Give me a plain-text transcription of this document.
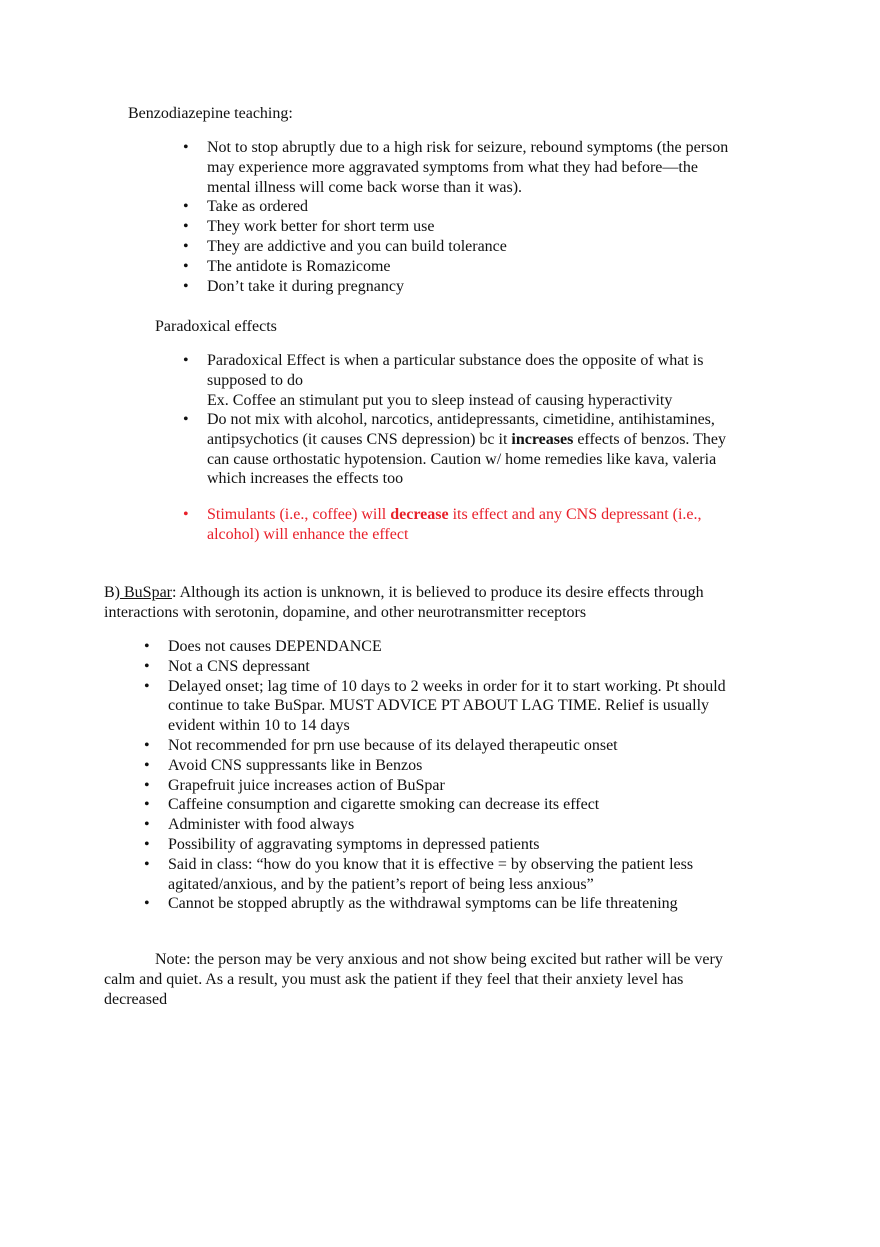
Benzodiazepine teaching:
• Not to stop abruptly due to a high risk for seizure, rebound symptoms (the person
may experience more aggravated symptoms from what they had before—the
mental illness will come back worse than it was).
• Take as ordered
• They work better for short term use
• They are addictive and you can build tolerance
• The antidote is Romazicome
• Don’t take it during pregnancy
Paradoxical effects
• Paradoxical Effect is when a particular substance does the opposite of what is
supposed to do
Ex. Coffee an stimulant put you to sleep instead of causing hyperactivity
• Do not mix with alcohol, narcotics, antidepressants, cimetidine, antihistamines,
antipsychotics (it causes CNS depression) bc it increases effects of benzos. They
can cause orthostatic hypotension. Caution w/ home remedies like kava, valeria
which increases the effects too
• Stimulants (i.e., coffee) will decrease its effect and any CNS depressant (i.e.,
alcohol) will enhance the effect
B) BuSpar: Although its action is unknown, it is believed to produce its desire effects through
interactions with serotonin, dopamine, and other neurotransmitter receptors
• Does not causes DEPENDANCE
• Not a CNS depressant
• Delayed onset; lag time of 10 days to 2 weeks in order for it to start working. Pt should
continue to take BuSpar. MUST ADVICE PT ABOUT LAG TIME. Relief is usually
evident within 10 to 14 days
• Not recommended for prn use because of its delayed therapeutic onset
• Avoid CNS suppressants like in Benzos
• Grapefruit juice increases action of BuSpar
• Caffeine consumption and cigarette smoking can decrease its effect
• Administer with food always
• Possibility of aggravating symptoms in depressed patients
• Said in class: “how do you know that it is effective = by observing the patient less
agitated/anxious, and by the patient’s report of being less anxious”
• Cannot be stopped abruptly as the withdrawal symptoms can be life threatening
Note: the person may be very anxious and not show being excited but rather will be very
calm and quiet. As a result, you must ask the patient if they feel that their anxiety level has
decreased
